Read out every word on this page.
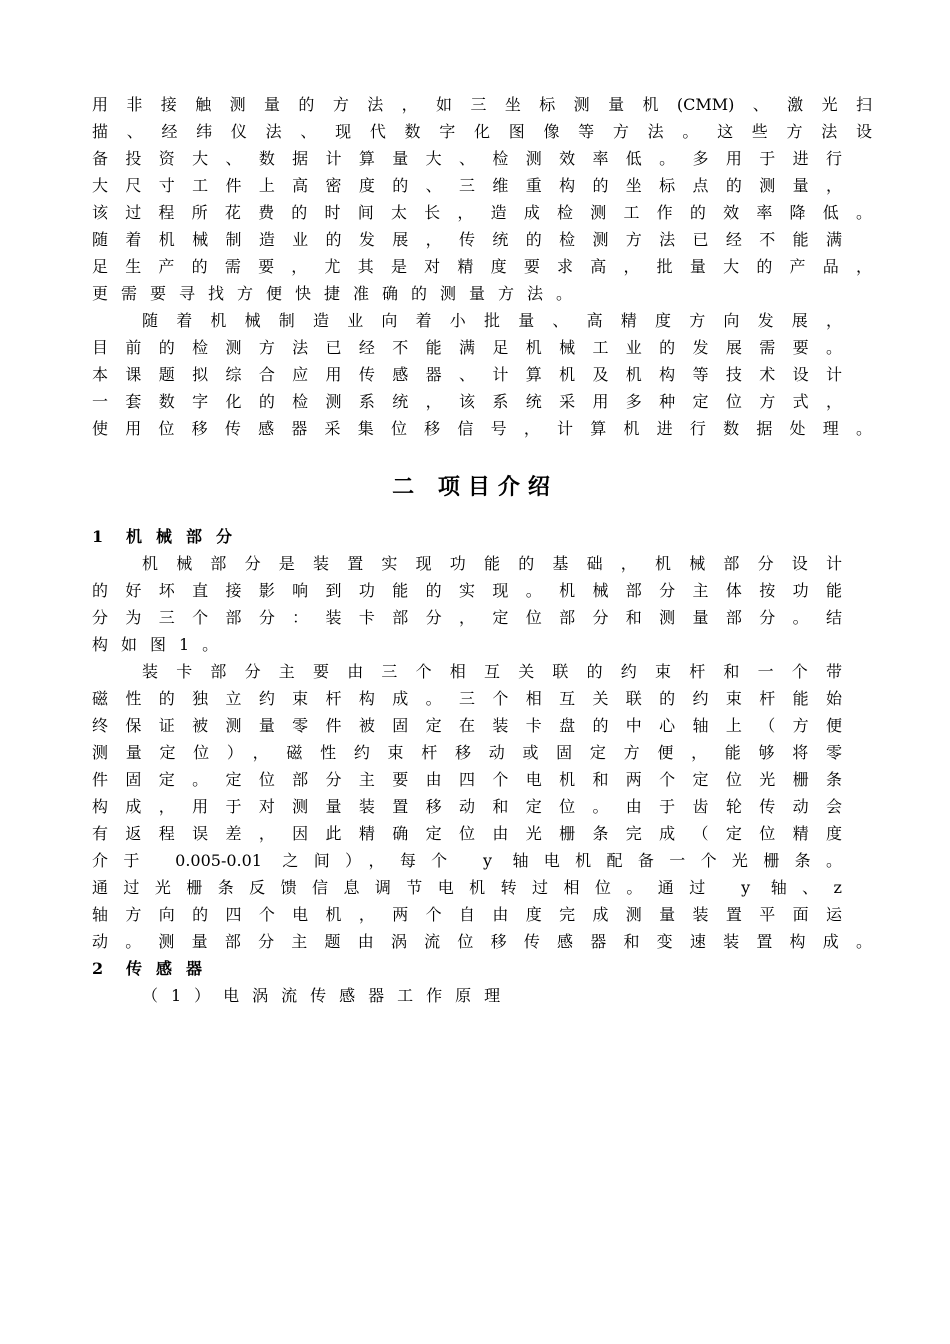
用非接触测量的方法，如三坐标测量机(CMM)、激光扫
描、经纬仪法、现代数字化图像等方法。这些方法设
备投资大、数据计算量大、检测效率低。多用于进行
大尺寸工件上高密度的、三维重构的坐标点的测量，
该过程所花费的时间太长，造成检测工作的效率降低。
随着机械制造业的发展，传统的检测方法已经不能满
足生产的需要，尤其是对精度要求高，批量大的产品，
更需要寻找方便快捷准确的测量方法。
随着机械制造业向着小批量、高精度方向发展，
目前的检测方法已经不能满足机械工业的发展需要。
本课题拟综合应用传感器、计算机及机构等技术设计
一套数字化的检测系统，该系统采用多种定位方式，
使用位移传感器采集位移信号，计算机进行数据处理。
二 项目介绍
1 机械部分
机械部分是装置实现功能的基础，机械部分设计
的好坏直接影响到功能的实现。机械部分主体按功能
分为三个部分：装卡部分，定位部分和测量部分。结
构如图1。
装卡部分主要由三个相互关联的约束杆和一个带
磁性的独立约束杆构成。三个相互关联的约束杆能始
终保证被测量零件被固定在装卡盘的中心轴上（方便
测量定位），磁性约束杆移动或固定方便，能够将零
件固定。定位部分主要由四个电机和两个定位光栅条
构成，用于对测量装置移动和定位。由于齿轮传动会
有返程误差，因此精确定位由光栅条完成（定位精度
介于 0.005-0.01 之间），每个 y 轴电机配备一个光栅条。
通过光栅条反馈信息调节电机转过相位。通过 y 轴、z
轴方向的四个电机，两个自由度完成测量装置平面运
动。测量部分主题由涡流位移传感器和变速装置构成。
2 传感器
（1）电涡流传感器工作原理
